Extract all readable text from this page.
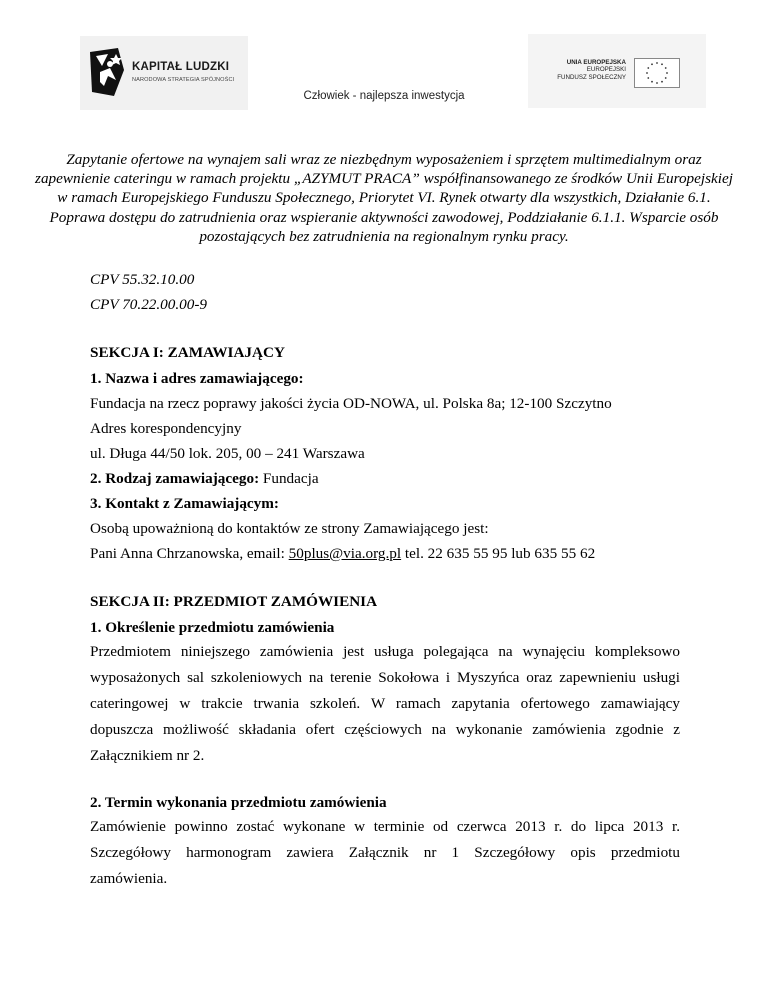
KAPITAŁ LUDZKI
NARODOWA STRATEGIA SPÓJNOŚCI
UNIA EUROPEJSKA
EUROPEJSKI
FUNDUSZ SPOŁECZNY
Człowiek - najlepsza inwestycja
Zapytanie ofertowe na wynajem sali wraz ze niezbędnym wyposażeniem i sprzętem multimedialnym oraz zapewnienie cateringu w ramach projektu „AZYMUT PRACA” współfinansowanego ze środków Unii Europejskiej w ramach Europejskiego Funduszu Społecznego, Priorytet VI. Rynek otwarty dla wszystkich, Działanie 6.1. Poprawa dostępu do zatrudnienia oraz wspieranie aktywności zawodowej, Poddziałanie 6.1.1. Wsparcie osób pozostających bez zatrudnienia na regionalnym rynku pracy.
CPV 55.32.10.00
CPV 70.22.00.00-9
SEKCJA I: ZAMAWIAJĄCY
1. Nazwa i adres zamawiającego:
Fundacja na rzecz poprawy jakości życia OD-NOWA, ul. Polska 8a; 12-100 Szczytno
Adres korespondencyjny
ul. Długa 44/50 lok. 205, 00 – 241 Warszawa
2. Rodzaj zamawiającego: Fundacja
3. Kontakt z Zamawiającym:
Osobą upoważnioną do kontaktów ze strony Zamawiającego jest:
Pani Anna Chrzanowska, email: 50plus@via.org.pl tel. 22 635 55 95 lub 635 55 62
SEKCJA II: PRZEDMIOT ZAMÓWIENIA
1. Określenie przedmiotu zamówienia
Przedmiotem niniejszego zamówienia jest usługa polegająca na wynajęciu kompleksowo
wyposażonych sal szkoleniowych na terenie Sokołowa i Myszyńca oraz zapewnieniu usługi
cateringowej w trakcie trwania szkoleń. W ramach zapytania ofertowego zamawiający
dopuszcza możliwość składania ofert częściowych na wykonanie zamówienia zgodnie z
Załącznikiem nr 2.
2. Termin wykonania przedmiotu zamówienia
Zamówienie powinno zostać wykonane w terminie od czerwca 2013 r. do lipca 2013 r.
Szczegółowy harmonogram zawiera Załącznik nr 1 Szczegółowy opis przedmiotu
zamówienia.
